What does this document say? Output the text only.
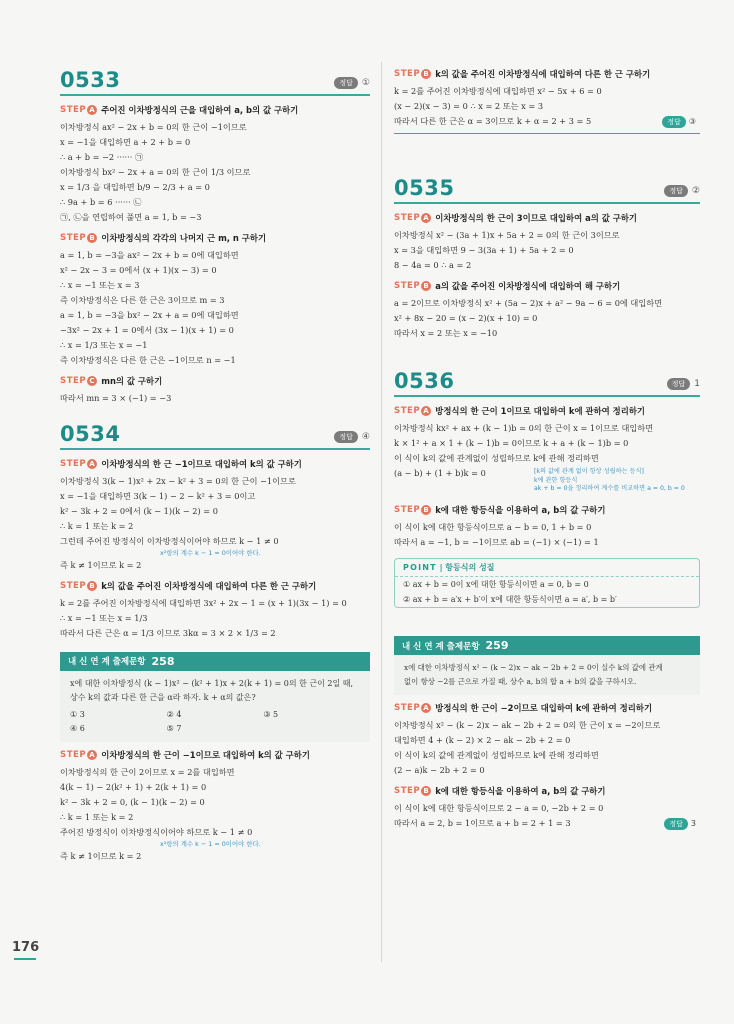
0533	정답	①
STEP A 주어진 이차방정식의 근을 대입하여 a, b의 값 구하기
이차방정식 ax² − 2x + b = 0의 한 근이 −1이므로
x = −1을 대입하면 a + 2 + b = 0
∴ a + b = −2 ······ ㉠
이차방정식 bx² − 2x + a = 0의 한 근이 1/3 이므로
x = 1/3 을 대입하면 b/9 − 2/3 + a = 0
∴ 9a + b = 6 ······ ㉡
㉠, ㉡을 연립하여 풀면 a = 1, b = −3
STEP B 이차방정식의 각각의 나머지 근 m, n 구하기
a = 1, b = −3을 ax² − 2x + b = 0에 대입하면
x² − 2x − 3 = 0에서 (x + 1)(x − 3) = 0
∴ x = −1 또는 x = 3
즉 이차방정식은 다른 한 근은 3이므로 m = 3
a = 1, b = −3을 bx² − 2x + a = 0에 대입하면
−3x² − 2x + 1 = 0에서 (3x − 1)(x + 1) = 0
∴ x = 1/3 또는 x = −1
즉 이차방정식은 다른 한 근은 −1이므로 n = −1
STEP C mn의 값 구하기
따라서 mn = 3 × (−1) = −3
0534	정답	④
STEP A 이차방정식의 한 근 −1이므로 대입하여 k의 값 구하기
이차방정식 3(k − 1)x² + 2x − k² + 3 = 0의 한 근이 −1이므로
x = −1을 대입하면 3(k − 1) − 2 − k² + 3 = 0이고
k² − 3k + 2 = 0에서 (k − 1)(k − 2) = 0
∴ k = 1 또는 k = 2
그런데 주어진 방정식이 이차방정식이어야 하므로 k − 1 ≠ 0
x²항의 계수 k − 1 = 0이어야 한다.
즉 k ≠ 1이므로 k = 2
STEP B k의 값을 주어진 이차방정식에 대입하여 다른 한 근 구하기
k = 2를 주어진 이차방정식에 대입하면 3x² + 2x − 1 = (x + 1)(3x − 1) = 0
∴ x = −1 또는 x = 1/3
따라서 다른 근은 α = 1/3 이므로 3kα = 3 × 2 × 1/3 = 2
내 신 연 계 출제문항 258
x에 대한 이차방정식 (k − 1)x² − (k² + 1)x + 2(k + 1) = 0의 한 근이 2일 때,
상수 k의 값과 다른 한 근을 α라 하자. k + α의 값은?
① 3	② 4	③ 5
④ 6	⑤ 7
STEP A 이차방정식의 한 근이 −1이므로 대입하여 k의 값 구하기
이차방정식의 한 근이 2이므로 x = 2를 대입하면
4(k − 1) − 2(k² + 1) + 2(k + 1) = 0
k² − 3k + 2 = 0, (k − 1)(k − 2) = 0
∴ k = 1 또는 k = 2
주어진 방정식이 이차방정식이어야 하므로 k − 1 ≠ 0
x²항의 계수 k − 1 = 0이어야 한다.
즉 k ≠ 1이므로 k = 2
STEP B k의 값을 주어진 이차방정식에 대입하여 다른 한 근 구하기
k = 2를 주어진 이차방정식에 대입하면 x² − 5x + 6 = 0
(x − 2)(x − 3) = 0 ∴ x = 2 또는 x = 3
따라서 다른 한 근은 α = 3이므로 k + α = 2 + 3 = 5	정답	③
0535	정답	②
STEP A 이차방정식의 한 근이 3이므로 대입하여 a의 값 구하기
이차방정식 x² − (3a + 1)x + 5a + 2 = 0의 한 근이 3이므로
x = 3을 대입하면 9 − 3(3a + 1) + 5a + 2 = 0
8 − 4a = 0 ∴ a = 2
STEP B a의 값을 주어진 이차방정식에 대입하여 해 구하기
a = 2이므로 이차방정식 x² + (5a − 2)x + a² − 9a − 6 = 0에 대입하면
x² + 8x − 20 = (x − 2)(x + 10) = 0
따라서 x = 2 또는 x = −10
0536	정답	1
STEP A 방정식의 한 근이 1이므로 대입하여 k에 관하여 정리하기
이차방정식 kx² + ax + (k − 1)b = 0의 한 근이 x = 1이므로 대입하면
k × 1² + a × 1 + (k − 1)b = 0이므로 k + a + (k − 1)b = 0
이 식이 k의 값에 관계없이 성립하므로 k에 관해 정리하면
(a − b) + (1 + b)k = 0	[k의 값에 관계 없이 항상 성립하는 등식]
k에 관한 항등식
ak + b = 0을 정리하여 계수를 비교하면 a = 0, b = 0
STEP B k에 대한 항등식을 이용하여 a, b의 값 구하기
이 식이 k에 대한 항등식이므로 a − b = 0, 1 + b = 0
따라서 a = −1, b = −1이므로 ab = (−1) × (−1) = 1
POINT | 항등식의 성질
① ax + b = 0이 x에 대한 항등식이면 a = 0, b = 0
② ax + b = a′x + b′이 x에 대한 항등식이면 a = a′, b = b′
내 신 연 계 출제문항 259
x에 대한 이차방정식 x² − (k − 2)x − ak − 2b + 2 = 0이 실수 k의 값에 관계
없이 항상 −2를 근으로 가질 때, 상수 a, b의 합 a + b의 값을 구하시오.
STEP A 방정식의 한 근이 −2이므로 대입하여 k에 관하여 정리하기
이차방정식 x² − (k − 2)x − ak − 2b + 2 = 0의 한 근이 x = −2이므로
대입하면 4 + (k − 2) × 2 − ak − 2b + 2 = 0
이 식이 k의 값에 관계없이 성립하므로 k에 관해 정리하면
(2 − a)k − 2b + 2 = 0
STEP B k에 대한 항등식을 이용하여 a, b의 값 구하기
이 식이 k에 대한 항등식이므로 2 − a = 0, −2b + 2 = 0
따라서 a = 2, b = 1이므로 a + b = 2 + 1 = 3	정답	3
176
